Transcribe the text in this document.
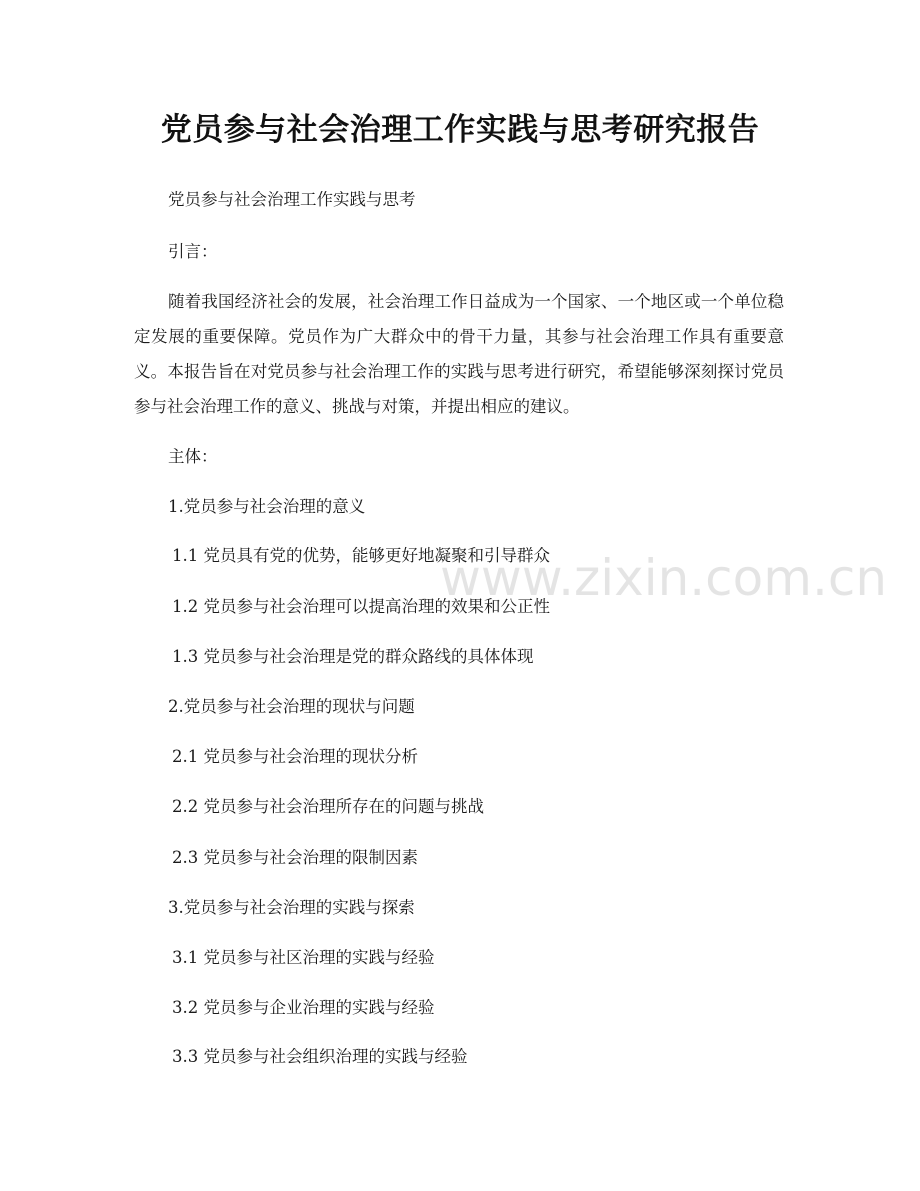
党员参与社会治理工作实践与思考研究报告
党员参与社会治理工作实践与思考
引言：
随着我国经济社会的发展，社会治理工作日益成为一个国家、一个地区或一个单位稳定发展的重要保障。党员作为广大群众中的骨干力量，其参与社会治理工作具有重要意义。本报告旨在对党员参与社会治理工作的实践与思考进行研究，希望能够深刻探讨党员参与社会治理工作的意义、挑战与对策，并提出相应的建议。
主体：
1.党员参与社会治理的意义
1.1 党员具有党的优势，能够更好地凝聚和引导群众
1.2 党员参与社会治理可以提高治理的效果和公正性
1.3 党员参与社会治理是党的群众路线的具体体现
2.党员参与社会治理的现状与问题
2.1 党员参与社会治理的现状分析
2.2 党员参与社会治理所存在的问题与挑战
2.3 党员参与社会治理的限制因素
3.党员参与社会治理的实践与探索
3.1 党员参与社区治理的实践与经验
3.2 党员参与企业治理的实践与经验
3.3 党员参与社会组织治理的实践与经验
www.zixin.com.cn
